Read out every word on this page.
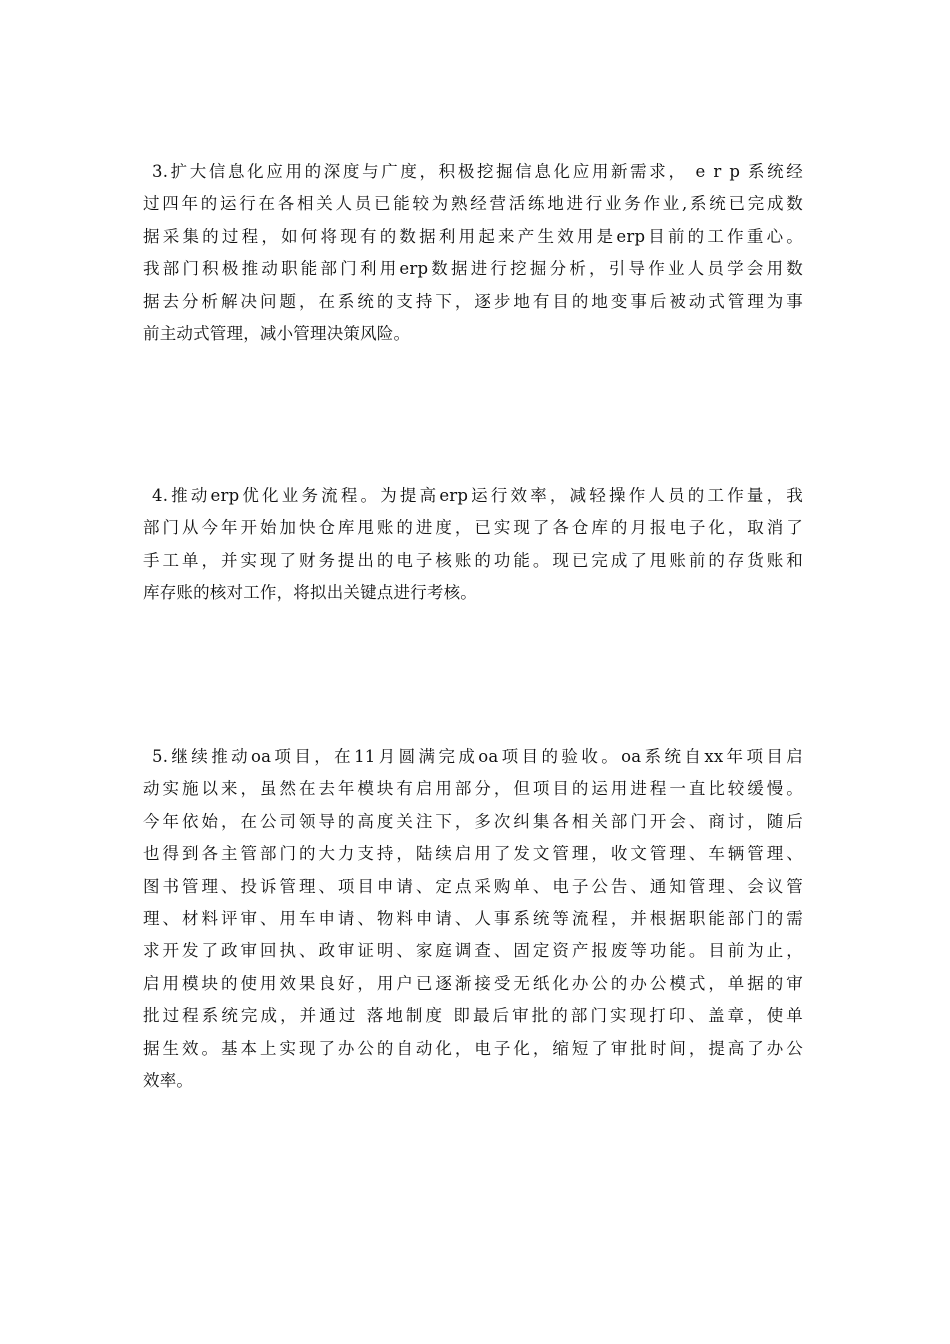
3.扩大信息化应用的深度与广度，积极挖掘信息化应用新需求， e r p 系统经
过四年的运行在各相关人员已能较为熟经营活练地进行业务作业,系统已完成数
据采集的过程，如何将现有的数据利用起来产生效用是erp目前的工作重心。
我部门积极推动职能部门利用erp数据进行挖掘分析，引导作业人员学会用数
据去分析解决问题，在系统的支持下，逐步地有目的地变事后被动式管理为事
前主动式管理，减小管理决策风险。

4.推动erp优化业务流程。为提高erp运行效率，减轻操作人员的工作量，我
部门从今年开始加快仓库甩账的进度，已实现了各仓库的月报电子化，取消了
手工单，并实现了财务提出的电子核账的功能。现已完成了甩账前的存货账和
库存账的核对工作，将拟出关键点进行考核。

5.继续推动oa项目，在11月圆满完成oa项目的验收。oa系统自xx年项目启
动实施以来，虽然在去年模块有启用部分，但项目的运用进程一直比较缓慢。
今年依始，在公司领导的高度关注下，多次纠集各相关部门开会、商讨，随后
也得到各主管部门的大力支持，陆续启用了发文管理，收文管理、车辆管理、
图书管理、投诉管理、项目申请、定点采购单、电子公告、通知管理、会议管
理、材料评审、用车申请、物料申请、人事系统等流程，并根据职能部门的需
求开发了政审回执、政审证明、家庭调查、固定资产报废等功能。目前为止，
启用模块的使用效果良好，用户已逐渐接受无纸化办公的办公模式，单据的审
批过程系统完成，并通过 落地制度 即最后审批的部门实现打印、盖章，使单
据生效。基本上实现了办公的自动化，电子化，缩短了审批时间，提高了办公
效率。
